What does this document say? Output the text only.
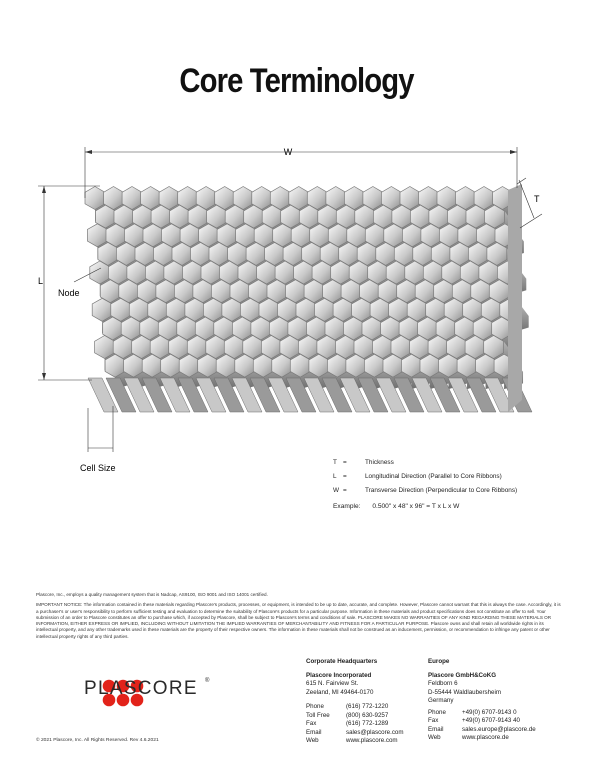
Core Terminology
W
T
L
Node
Cell Size
T =	Thickness
L	=	Longitudinal Direction (Parallel to Core Ribbons)
W =	Transverse Direction (Perpendicular to Core Ribbons)
Example: 0.500" x 48" x 96" = T x L x W
Plascore, Inc., employs a quality management system that is Nadcap, AS9100, ISO 9001 and ISO 14001 certified.
IMPORTANT NOTICE: The information contained in these materials regarding Plascore's products, processes, or equipment, is intended to be up to date, accurate, and complete. However, Plascore cannot warrant that this is always the case. Accordingly, it is a purchaser's or user's responsibility to perform sufficient testing and evaluation to determine the suitability of Plascore's products for a particular purpose. Information in these materials and product specifications does not constitute an offer to sell. Your submission of an order to Plascore constitutes an offer to purchase which, if accepted by Plascore, shall be subject to Plascore's terms and conditions of sale. PLASCORE MAKES NO WARRANTIES OF ANY KIND REGARDING THESE MATERIALS OR INFORMATION, EITHER EXPRESS OR IMPLIED, INCLUDING WITHOUT LIMITATION THE IMPLIED WARRANTIES OF MERCHANTABILITY AND FITNESS FOR A PARTICULAR PURPOSE. Plascore owns and shall retain all worldwide rights in its intellectual property, and any other trademarks used in these materials are the property of their respective owners. The information in these materials shall not be construed as an inducement, permission, or recommendation to infringe any patent or other intellectual property rights of any third parties.
PLASCORE ®
© 2021 Plascore, Inc. All Rights Reserved. Rev 4.6.2021
Corporate Headquarters
Plascore Incorporated
615 N. Fairview St.
Zeeland, MI 49464-0170
Phone	(616) 772-1220
Toll Free	(800) 630-9257
Fax	(616) 772-1289
Email	sales@plascore.com
Web	www.plascore.com
Europe
Plascore GmbH&CoKG
Feldborn 6
D-55444 Waldlaubersheim
Germany
Phone	+49(0) 6707-9143 0
Fax	+49(0) 6707-9143 40
Email	sales.europe@plascore.de
Web	www.plascore.de
